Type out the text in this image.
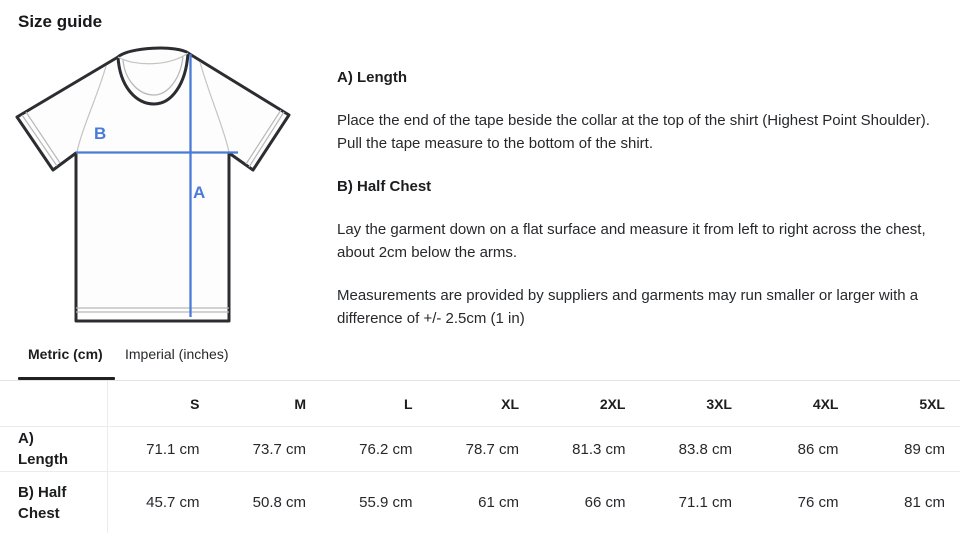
Size guide
B
A
A) Length

Place the end of the tape beside the collar at the top of the shirt (Highest Point Shoulder). Pull the tape measure to the bottom of the shirt.

B) Half Chest

Lay the garment down on a flat surface and measure it from left to right across the chest, about 2cm below the arms.

Measurements are provided by suppliers and garments may run smaller or larger with a difference of +/- 2.5cm (1 in)

Metric (cm) Imperial (inches)
S	M	L	XL	2XL	3XL	4XL	5XL
A) Length
71.1 cm	73.7 cm	76.2 cm	78.7 cm	81.3 cm	83.8 cm	86 cm	89 cm
B) Half Chest
45.7 cm	50.8 cm	55.9 cm	61 cm	66 cm	71.1 cm	76 cm	81 cm
